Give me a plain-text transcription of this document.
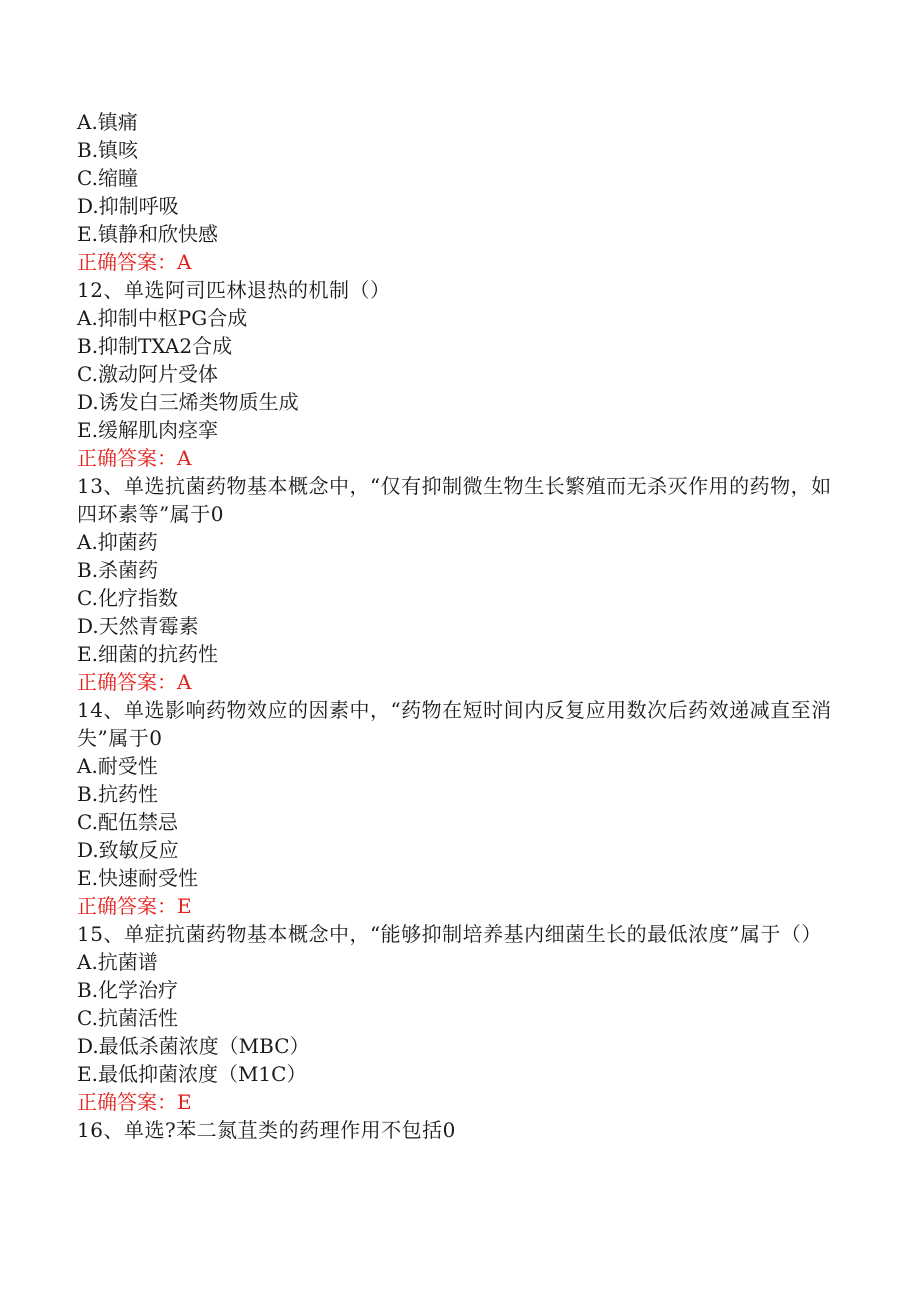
A.镇痛
B.镇咳
C.缩瞳
D.抑制呼吸
E.镇静和欣快感
正确答案：A
12、单选阿司匹林退热的机制（）
A.抑制中枢PG合成
B.抑制TXA2合成
C.激动阿片受体
D.诱发白三烯类物质生成
E.缓解肌肉痉挛
正确答案：A
13、单选抗菌药物基本概念中，“仅有抑制微生物生长繁殖而无杀灭作用的药物，如四环素等”属于0
A.抑菌药
B.杀菌药
C.化疗指数
D.天然青霉素
E.细菌的抗药性
正确答案：A
14、单选影响药物效应的因素中，“药物在短时间内反复应用数次后药效递减直至消失”属于0
A.耐受性
B.抗药性
C.配伍禁忌
D.致敏反应
E.快速耐受性
正确答案：E
15、单症抗菌药物基本概念中，“能够抑制培养基内细菌生长的最低浓度”属于（）
A.抗菌谱
B.化学治疗
C.抗菌活性
D.最低杀菌浓度（MBC）
E.最低抑菌浓度（M1C）
正确答案：E
16、单选?苯二氮苴类的药理作用不包括0
